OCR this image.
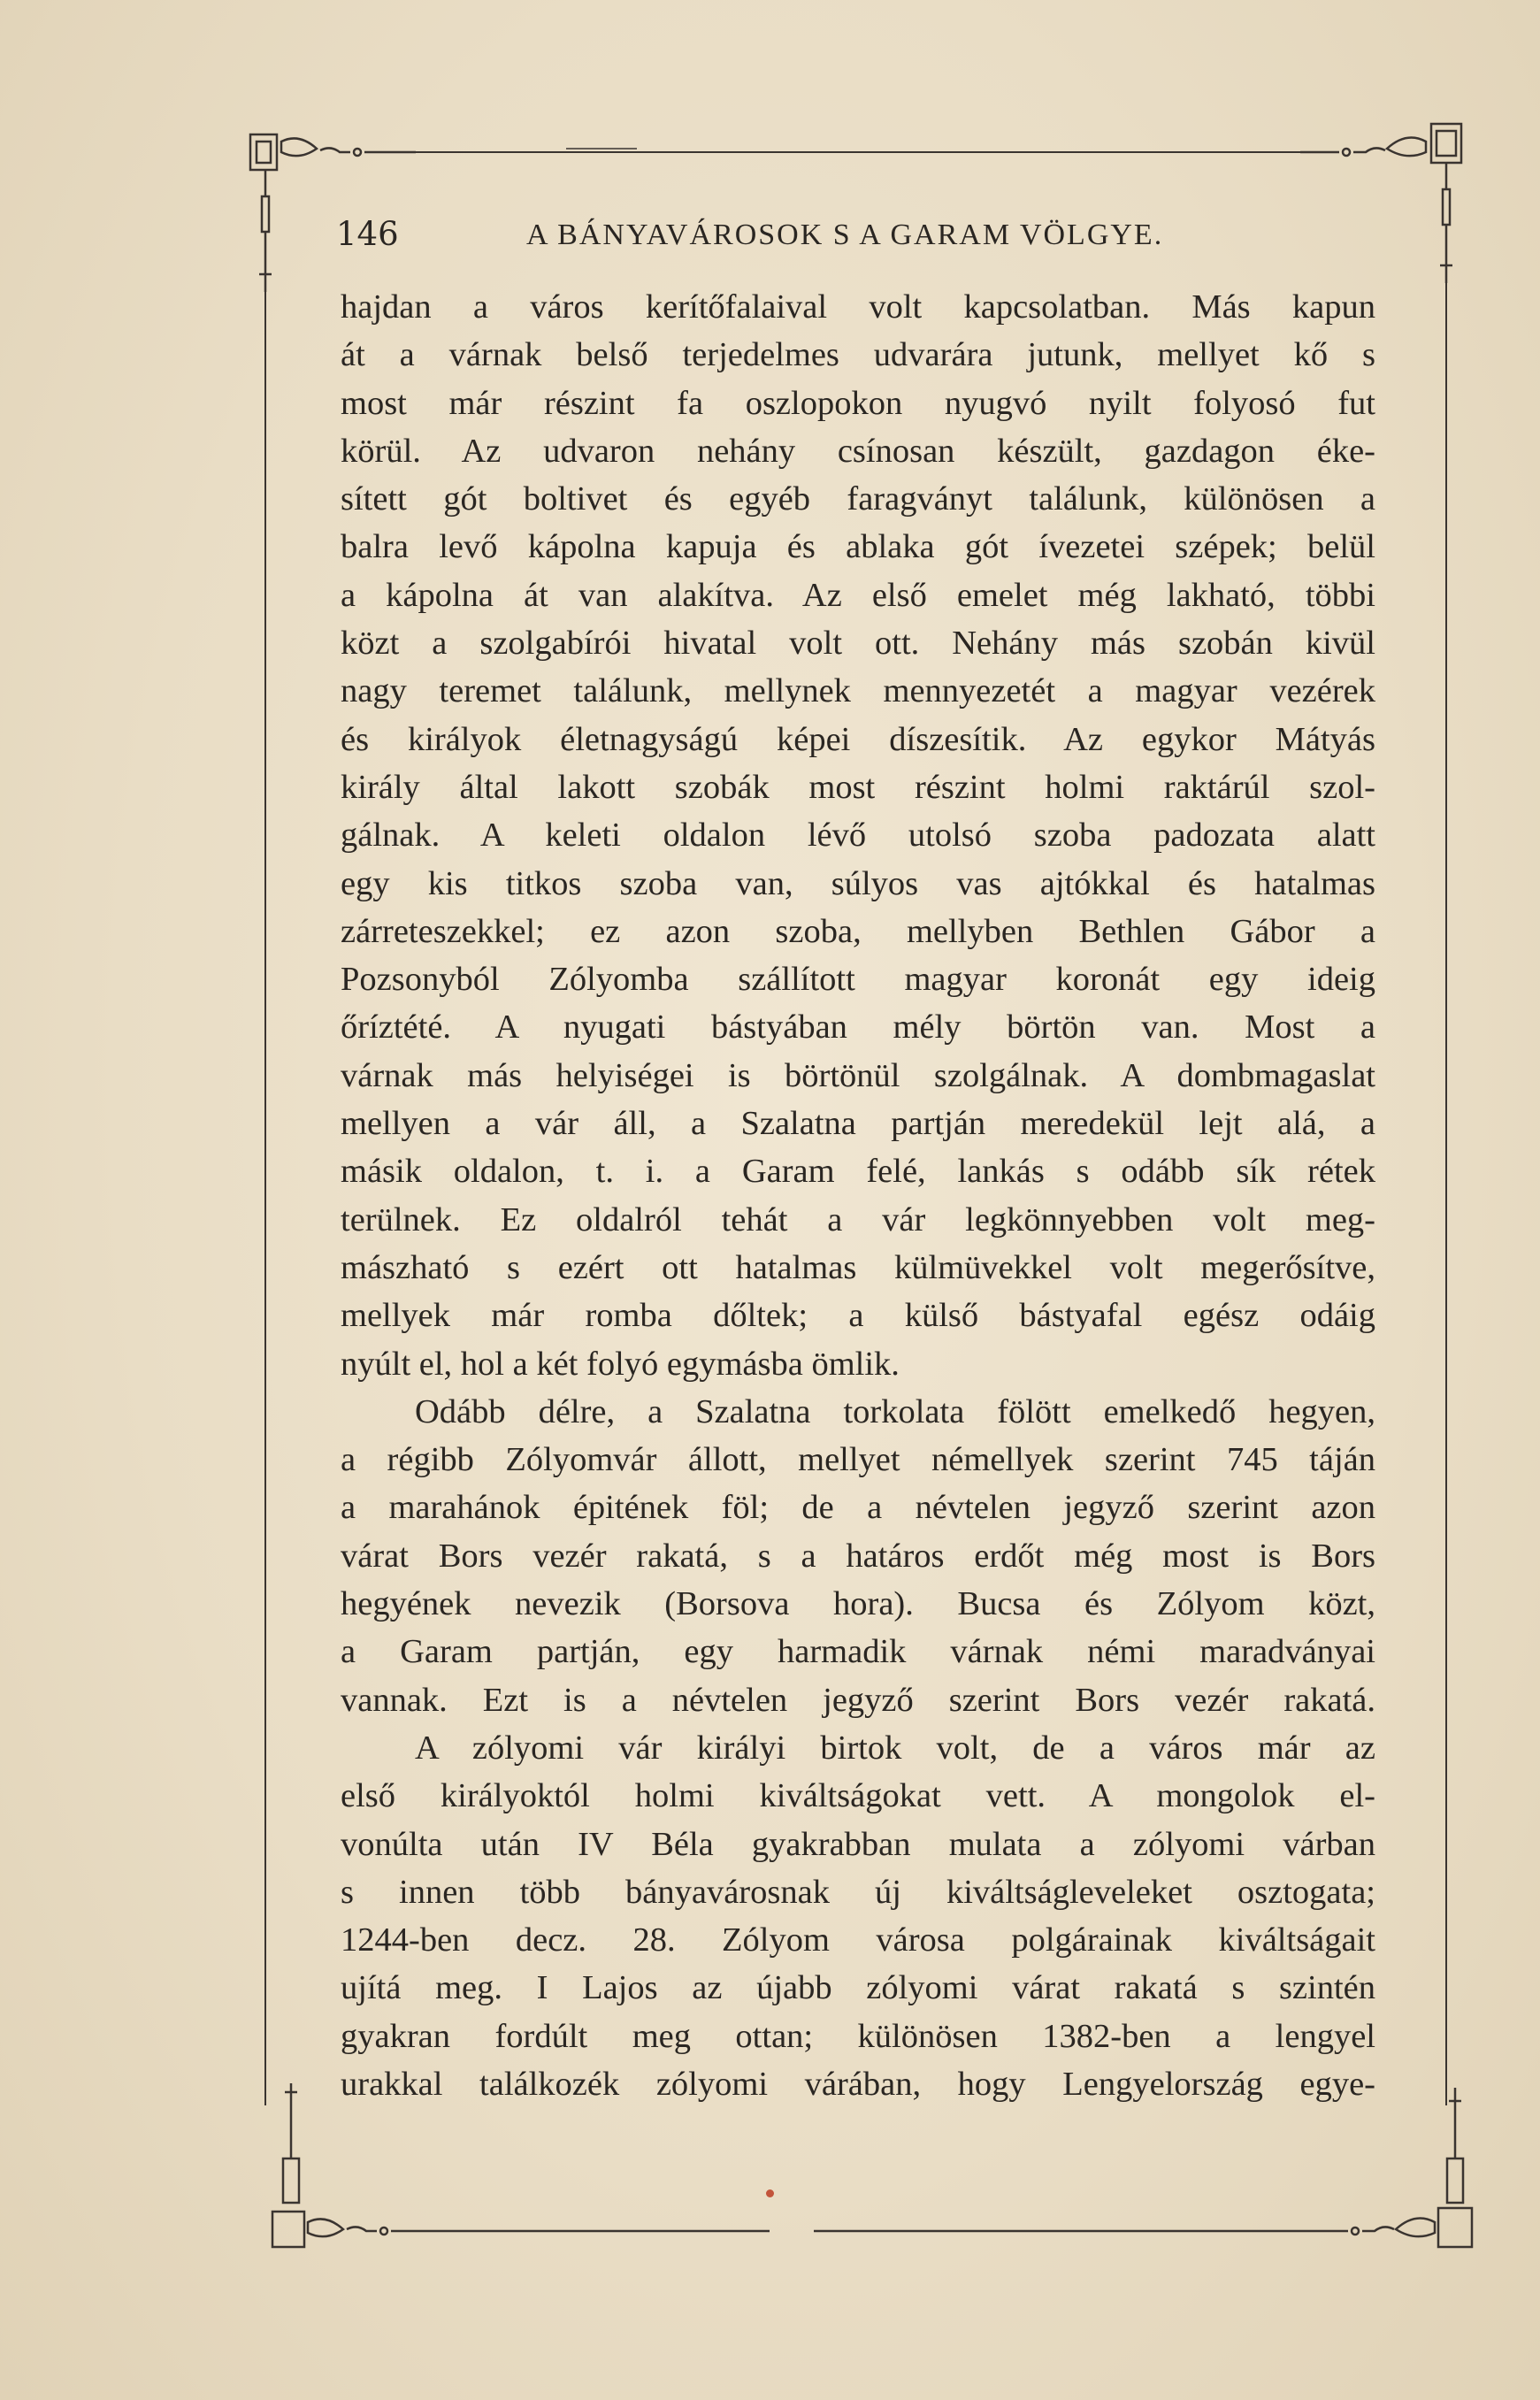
146	A BÁNYAVÁROSOK S A GARAM VÖLGYE.
hajdan a város kerítőfalaival volt kapcsolatban. Más kapun
át a várnak belső terjedelmes udvarára jutunk, mellyet kő s
most már részint fa oszlopokon nyugvó nyilt folyosó fut
körül. Az udvaron nehány csínosan készült, gazdagon éke-
sített gót boltivet és egyéb faragványt találunk, különösen a
balra levő kápolna kapuja és ablaka gót ívezetei szépek; belül
a kápolna át van alakítva. Az első emelet még lakható, többi
közt a szolgabírói hivatal volt ott. Nehány más szobán kivül
nagy teremet találunk, mellynek mennyezetét a magyar vezérek
és királyok életnagyságú képei díszesítik. Az egykor Mátyás
király által lakott szobák most részint holmi raktárúl szol-
gálnak. A keleti oldalon lévő utolsó szoba padozata alatt
egy kis titkos szoba van, súlyos vas ajtókkal és hatalmas
zárreteszekkel; ez azon szoba, mellyben Bethlen Gábor a
Pozsonyból Zólyomba szállított magyar koronát egy ideig
őríztété. A nyugati bástyában mély börtön van. Most a
várnak más helyiségei is börtönül szolgálnak. A dombmagaslat
mellyen a vár áll, a Szalatna partján meredekül lejt alá, a
másik oldalon, t. i. a Garam felé, lankás s odább sík rétek
terülnek. Ez oldalról tehát a vár legkönnyebben volt meg-
mászható s ezért ott hatalmas külmüvekkel volt megerősítve,
mellyek már romba dőltek; a külső bástyafal egész odáig
nyúlt el, hol a két folyó egymásba ömlik.
Odább délre, a Szalatna torkolata fölött emelkedő hegyen,
a régibb Zólyomvár állott, mellyet némellyek szerint 745 táján
a marahánok épitének föl; de a névtelen jegyző szerint azon
várat Bors vezér rakatá, s a határos erdőt még most is Bors
hegyének nevezik (Borsova hora). Bucsa és Zólyom közt,
a Garam partján, egy harmadik várnak némi maradványai
vannak. Ezt is a névtelen jegyző szerint Bors vezér rakatá.
A zólyomi vár királyi birtok volt, de a város már az
első királyoktól holmi kiváltságokat vett. A mongolok el-
vonúlta után IV Béla gyakrabban mulata a zólyomi várban
s innen több bányavárosnak új kiváltságleveleket osztogata;
1244-ben decz. 28. Zólyom városa polgárainak kiváltságait
ujítá meg. I Lajos az újabb zólyomi várat rakatá s szintén
gyakran fordúlt meg ottan; különösen 1382-ben a lengyel
urakkal találkozék zólyomi várában, hogy Lengyelország egye-
